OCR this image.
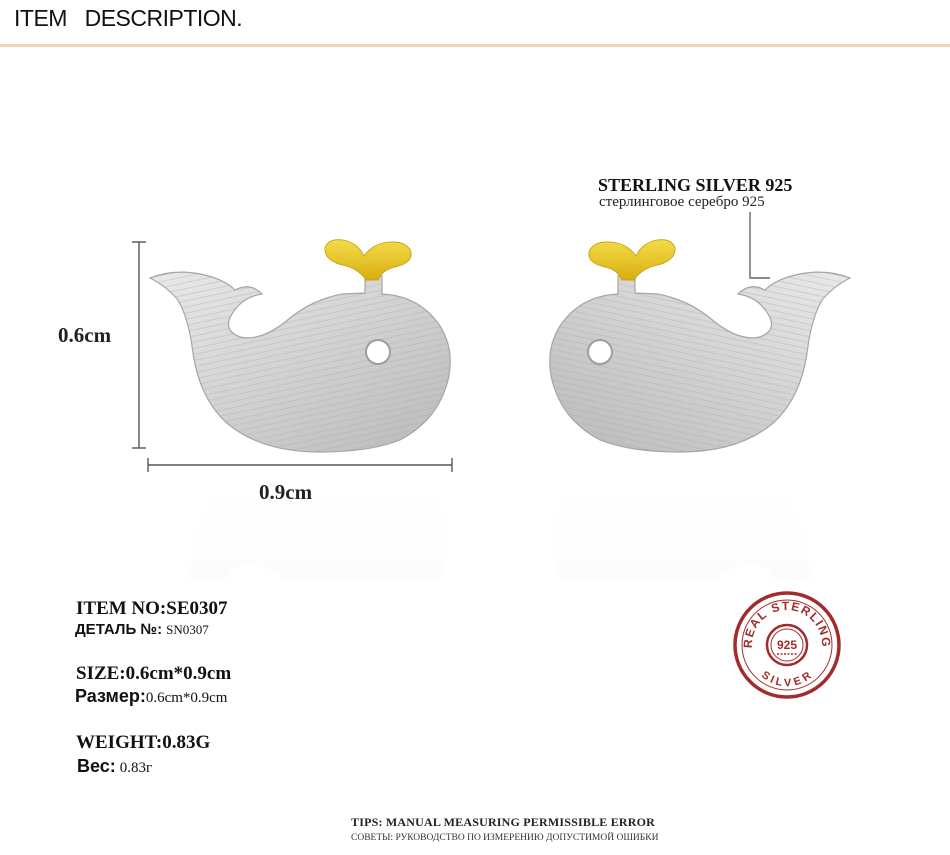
ITEM   DESCRIPTION.
0.6cm
0.9cm
STERLING SILVER 925
стерлинговое серебро 925
ITEM NO:SE0307
ДЕТАЛЬ №: SN0307
SIZE:0.6cm*0.9cm
Размер:0.6cm*0.9cm
WEIGHT:0.83G
Вес: 0.83г
REAL STERLING
SILVER
925
TIPS: MANUAL MEASURING PERMISSIBLE ERROR
СОВЕТЫ: РУКОВОДСТВО ПО ИЗМЕРЕНИЮ ДОПУСТИМОЙ ОШИБКИ
